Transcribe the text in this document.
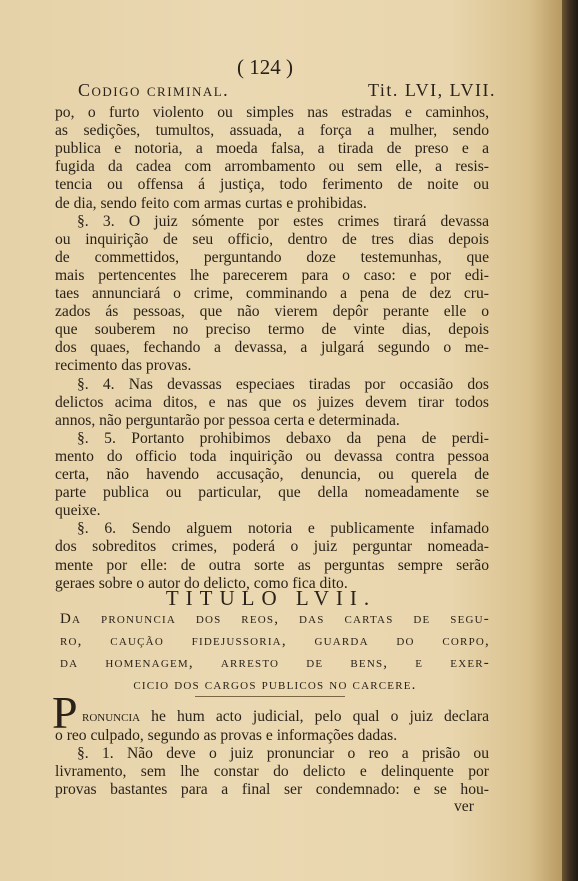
( 124 )
Codigo criminal.	Tit. LVI, LVII.
po, o furto violento ou simples nas estradas e caminhos,
as sedições, tumultos, assuada, a força a mulher, sendo
publica e notoria, a moeda falsa, a tirada de preso e a
fugida da cadea com arrombamento ou sem elle, a resis-
tencia ou offensa á justiça, todo ferimento de noite ou
de dia, sendo feito com armas curtas e prohibidas.
§. 3. O juiz sómente por estes crimes tirará devassa
ou inquirição de seu officio, dentro de tres dias depois
de commettidos, perguntando doze testemunhas, que
mais pertencentes lhe parecerem para o caso: e por edi-
taes annunciará o crime, comminando a pena de dez cru-
zados ás pessoas, que não vierem depôr perante elle o
que souberem no preciso termo de vinte dias, depois
dos quaes, fechando a devassa, a julgará segundo o me-
recimento das provas.
§. 4. Nas devassas especiaes tiradas por occasião dos
delictos acima ditos, e nas que os juizes devem tirar todos
annos, não perguntarão por pessoa certa e determinada.
§. 5. Portanto prohibimos debaxo da pena de perdi-
mento do officio toda inquirição ou devassa contra pessoa
certa, não havendo accusação, denuncia, ou querela de
parte publica ou particular, que della nomeadamente se
queixe.
§. 6. Sendo alguem notoria e publicamente infamado
dos sobreditos crimes, poderá o juiz perguntar nomeada-
mente por elle: de outra sorte as perguntas sempre serão
geraes sobre o autor do delicto, como fica dito.
TITULO LVII.
Da pronuncia dos reos, das cartas de segu-
ro, caução fidejussoria, guarda do corpo,
da homenagem, arresto de bens, e exer-
cicio dos cargos publicos no carcere.
P ronuncia he hum acto judicial, pelo qual o juiz declara
o reo culpado, segundo as provas e informações dadas.
§. 1. Não deve o juiz pronunciar o reo a prisão ou
livramento, sem lhe constar do delicto e delinquente por
provas bastantes para a final ser condemnado: e se hou-
ver
